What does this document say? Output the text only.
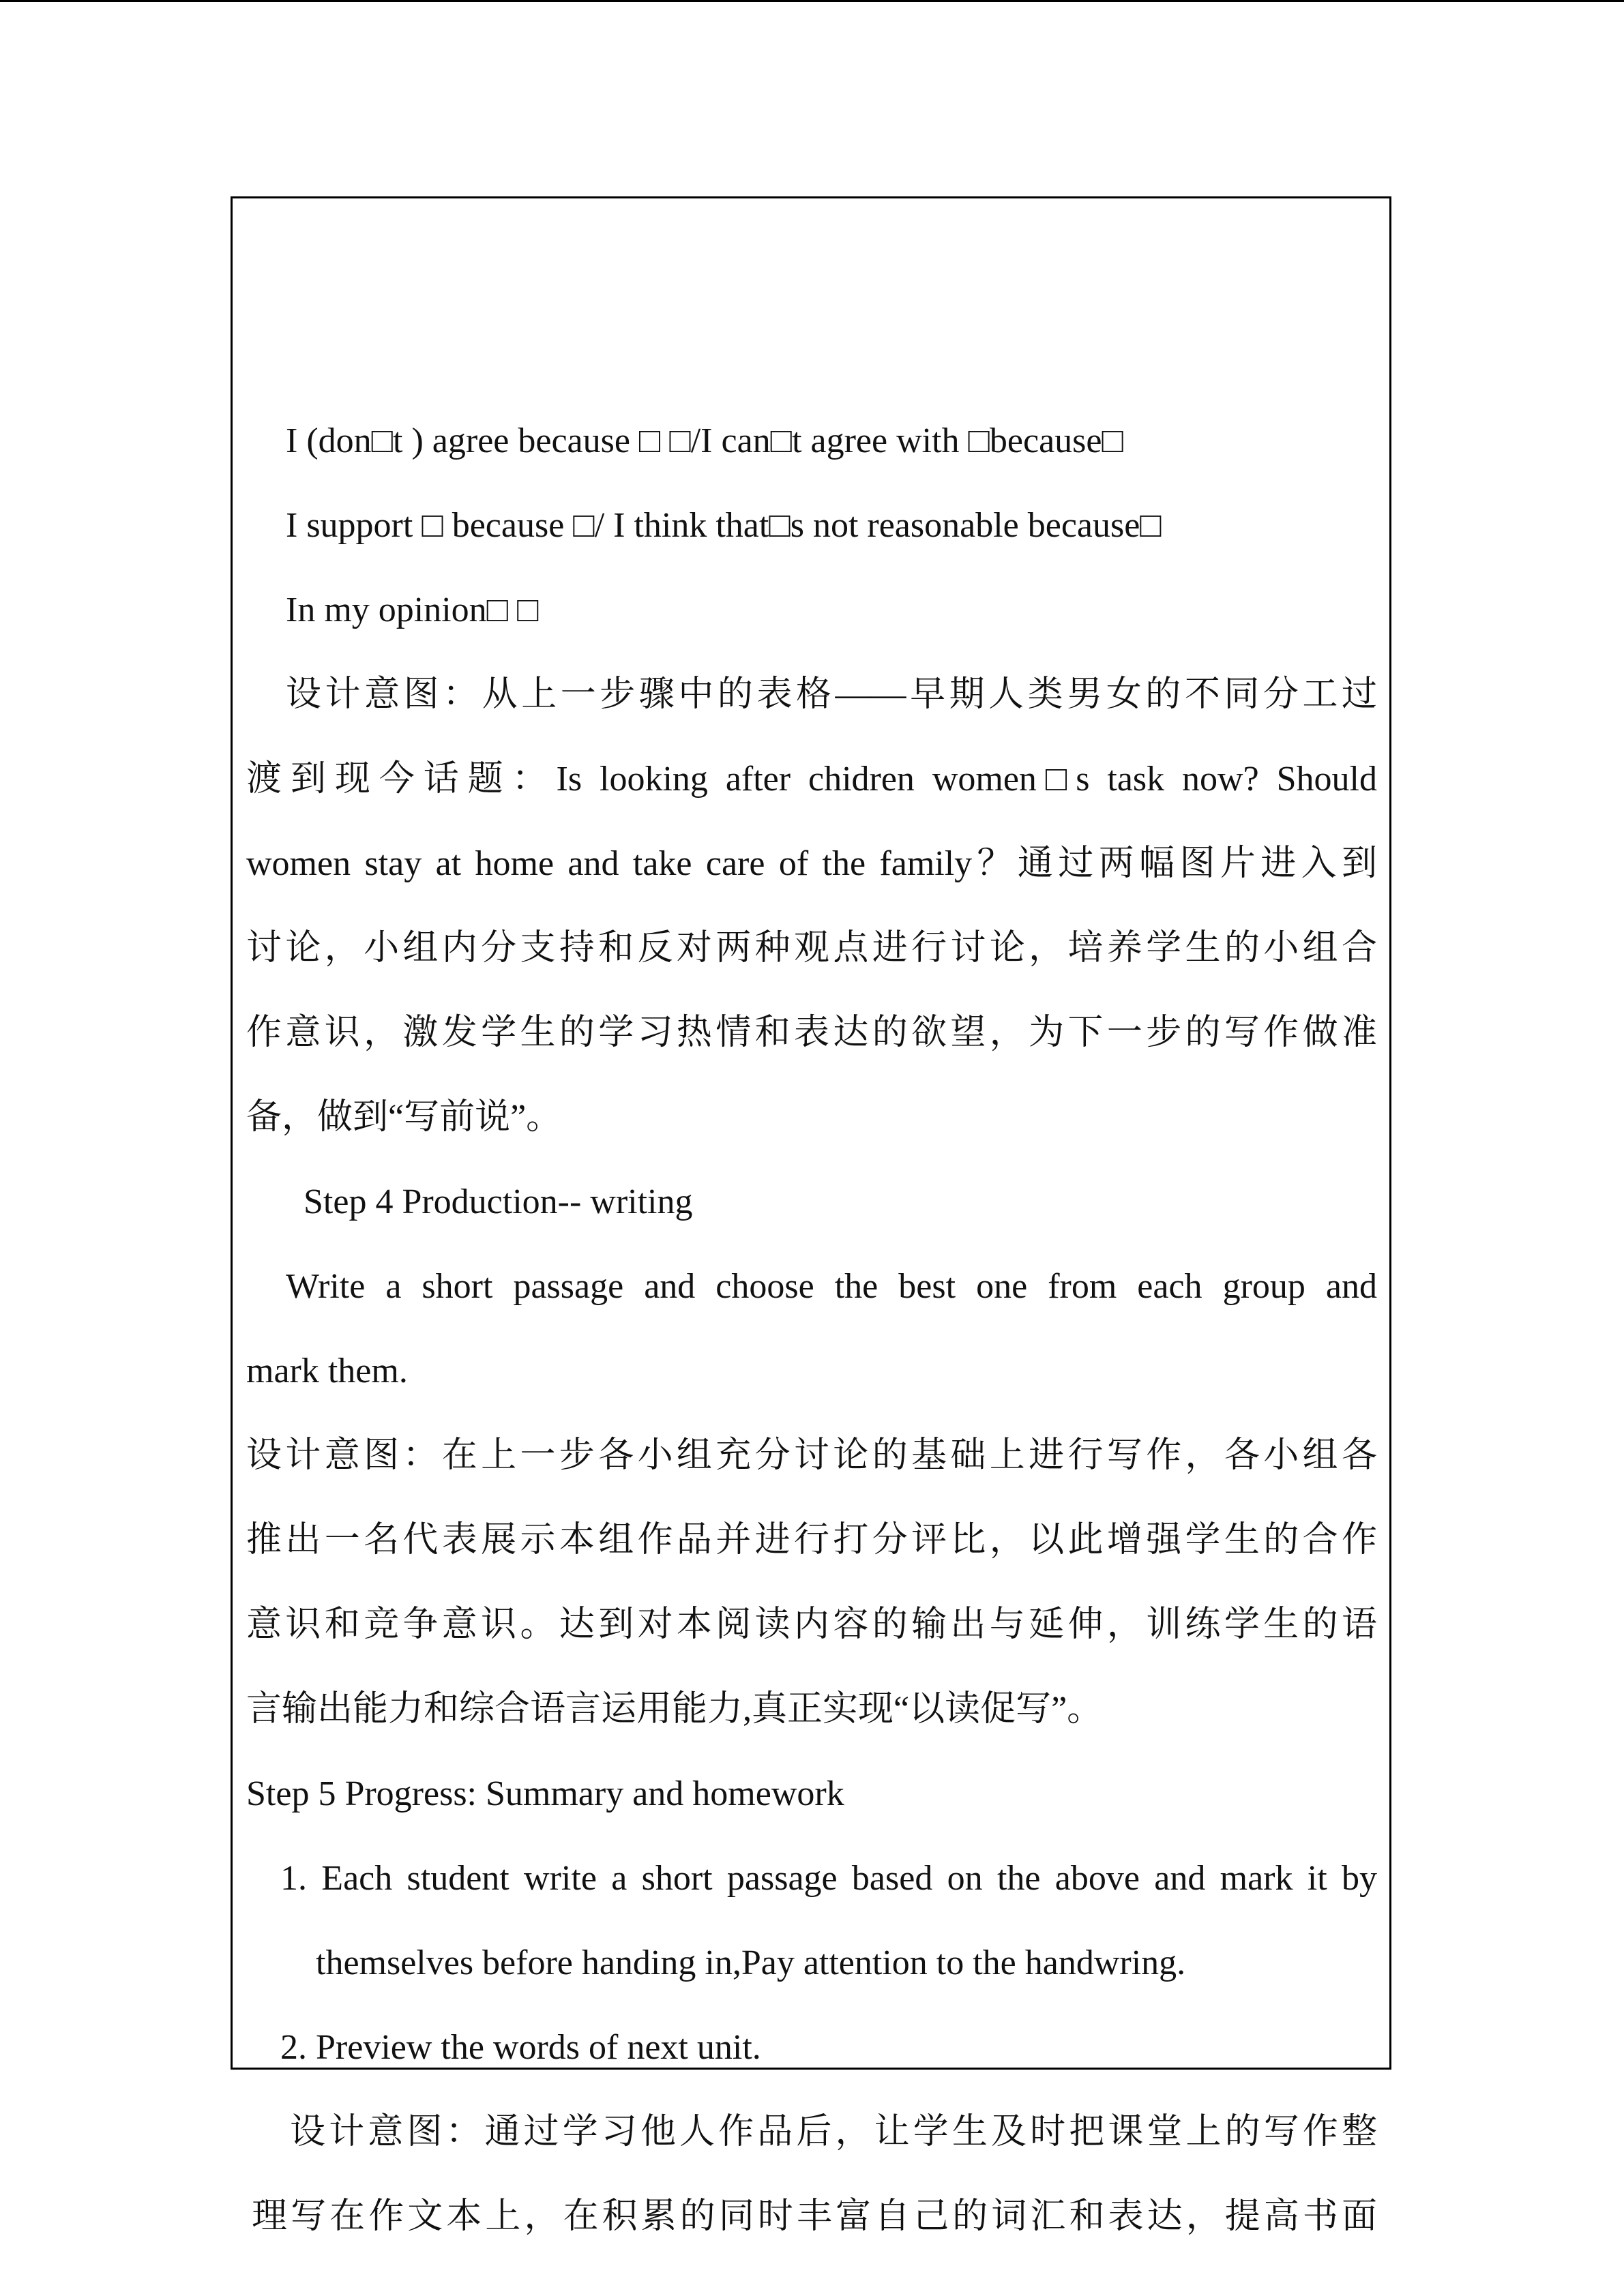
I (don□t ) agree because □ □/I can□t agree with □because□
I support □ because □/ I think that□s not reasonable because□
In my opinion□ □
设计意图：从上一步骤中的表格——早期人类男女的不同分工过
渡到现今话题：Is looking after chidren women□s task now? Should
women stay at home and take care of the family？通过两幅图片进入到
讨论，小组内分支持和反对两种观点进行讨论，培养学生的小组合
作意识，激发学生的学习热情和表达的欲望，为下一步的写作做准
备，做到“写前说”。
Step 4 Production-- writing
Write a short passage and choose the best one from each group and
mark them.
设计意图：在上一步各小组充分讨论的基础上进行写作，各小组各
推出一名代表展示本组作品并进行打分评比，以此增强学生的合作
意识和竞争意识。达到对本阅读内容的输出与延伸，训练学生的语
言输出能力和综合语言运用能力,真正实现“以读促写”。
Step 5 Progress: Summary and homework
1. Each student write a short passage based on the above and mark it by
themselves before handing in,Pay attention to the handwring.
2. Preview the words of next unit.
设计意图：通过学习他人作品后，让学生及时把课堂上的写作整
理写在作文本上，在积累的同时丰富自己的词汇和表达，提高书面
